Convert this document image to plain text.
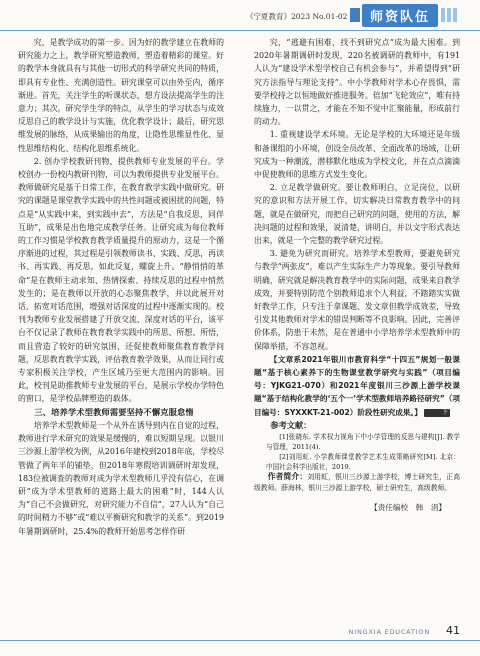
《宁夏教育》2023 No.01-02	师资队伍

究，是教学成功的第一步。因为好的教学建立在教师的研究能力之上，教学研究塑造教师，塑造着精彩的课堂。好的教学本身就具有与其他一切形式的科学研究共同的特质，即具有专业性、充满创造性。研究课堂可以由外至内，循序渐进。首先，关注学生的听课状态，想方设法提高学生的注意力；其次，研究学生学的特点，从学生的学习状态与成效反思自己的教学设计与实施，优化教学设计；最后，研究思维发展的脉络，从成果输出的角度，让隐性思维显性化、显性思维结构化、结构化思维系统化。

2. 创办学校教研刊物，提供教师专业发展的平台。学校创办一份校内教研刊物，可以为教师提供专业发展平台。教师做研究是基于日常工作，在教育教学实践中做研究。研究的课题是课堂教学实践中的共性问题或被困扰的问题，特点是“从实践中来，到实践中去”，方法是“自我反思，同伴互助”，成果是出色地完成教学任务。让研究成为每位教师的工作习惯是学校教育教学质量提升的原动力，这是一个循序渐进的过程，其过程是引领教师读书、实践、反思，再读书、再实践、再反思，如此反复，螺旋上升。“静悄悄的革命”是在教师主动求知、热情探索、持续反思的过程中悄然发生的；是在教师以开放的心态聚焦教学，并以此展开对话，拓宽对话范围，增强对话深度的过程中逐渐实现的。校刊为教师专业发展搭建了开放交流、深度对话的平台，该平台不仅记录了教师在教育教学实践中的所思、所想、所悟，而且营造了较好的研究氛围，还促使教师聚焦教育教学问题，反思教育教学实践，评估教育教学效果，从而让同行或专家积极关注学校，产生区域乃至更大范围内的影响。因此，校刊是助推教师专业发展的平台，是展示学校办学特色的窗口，是学校品牌塑造的载体。

三、培养学术型教师需要坚持不懈克服怠惰

培养学术型教师是一个从外在诱导到内在自觉的过程，教师进行学术研究的效果是缓慢的，难以短期呈现。以银川三沙源上游学校为例，从2016年建校到2018年底，学校尽管做了两年半的铺垫，但2018年寒假培训调研时却发现，183位被调查的教师对成为学术型教师几乎没有信心，在调研“成为学术型教师的道路上最大的困难”时，144人认为“自己不会做研究，对研究能力不自信”，27人认为“自己的时间精力不够”或“难以平衡研究和教学的关系”。到2019年暑期调研时，25.4%的教师开始思考怎样作研

究，“逃避有困难，找不到研究点”成为最大困难。到2020年暑期调研时发现，220名被调研的教师中，有191人认为“建设学术型学校自己有机会参与”，并希望得到“研究方法指导与理论支持”。中小学教师对学术心存畏惧，需要学校持之以恒地做好推进服务。倍加“飞轮效应”，唯有持续施力，一以贯之，才能在不知不觉中汇聚能量，形成前行的动力。

1. 重视建设学术环境。无论是学校的大环境还是年级和备课组的小环境，创设全员改革、全面改革的场域，让研究成为一种潮流，潜移默化地成为学校文化，并在点点滴滴中促使教师的思维方式发生变化。

2. 立足教学做研究。要让教师明白，立足岗位，以研究的意识和方法开展工作，切实解决日常教育教学中的问题，就是在做研究，而把自己研究的问题，使用的方法，解决问题的过程和效果，说清楚，讲明白，并以文字形式表达出来，就是一个完整的教学研究过程。

3. 避免为研究而研究。培养学术型教师，要避免研究与教学“两张皮”，难以产生实际生产力等现象。要引导教师明确，研究就是解决教育教学中的实际问题，成果来自教学成效，并要特别防范个别教师追求个人利益，不踏踏实实做好教学工作，只专注于拿课题、发文章但教学成效差，导致引发其他教师对学术的错误判断等不良影响。因此，完善评价体系，防患于未然，是在普通中小学培养学术型教师中的保障举措，不容忽视。

【文章系2021年银川市教育科学“十四五”规划一般课题“基于核心素养下的生物课堂教学研究与实践”（项目编号：YJKG21-070）和2021年度银川三沙源上游学校课题“基于结构化教学的‘五个一’学术型教师培养路径研究”（项目编号：SYXXKT-21-002）阶段性研究成果。】	下

参考文献：

[1]张晓东. 学术权力视角下中小学管理的反思与建构[J]. 教学与管理，2011(4).

[2]刘用虹. 小学教师课堂教学艺术生成策略研究[M]. 北京：中国社会科学出版社，2019.

作者简介：刘用虹，银川三沙源上游学校，博士研究生，正高级教师。薛海林，银川三沙源上游学校，硕士研究生，高级教师。

【责任编校　韩　涓】
NINGXIA EDUCATION 41
